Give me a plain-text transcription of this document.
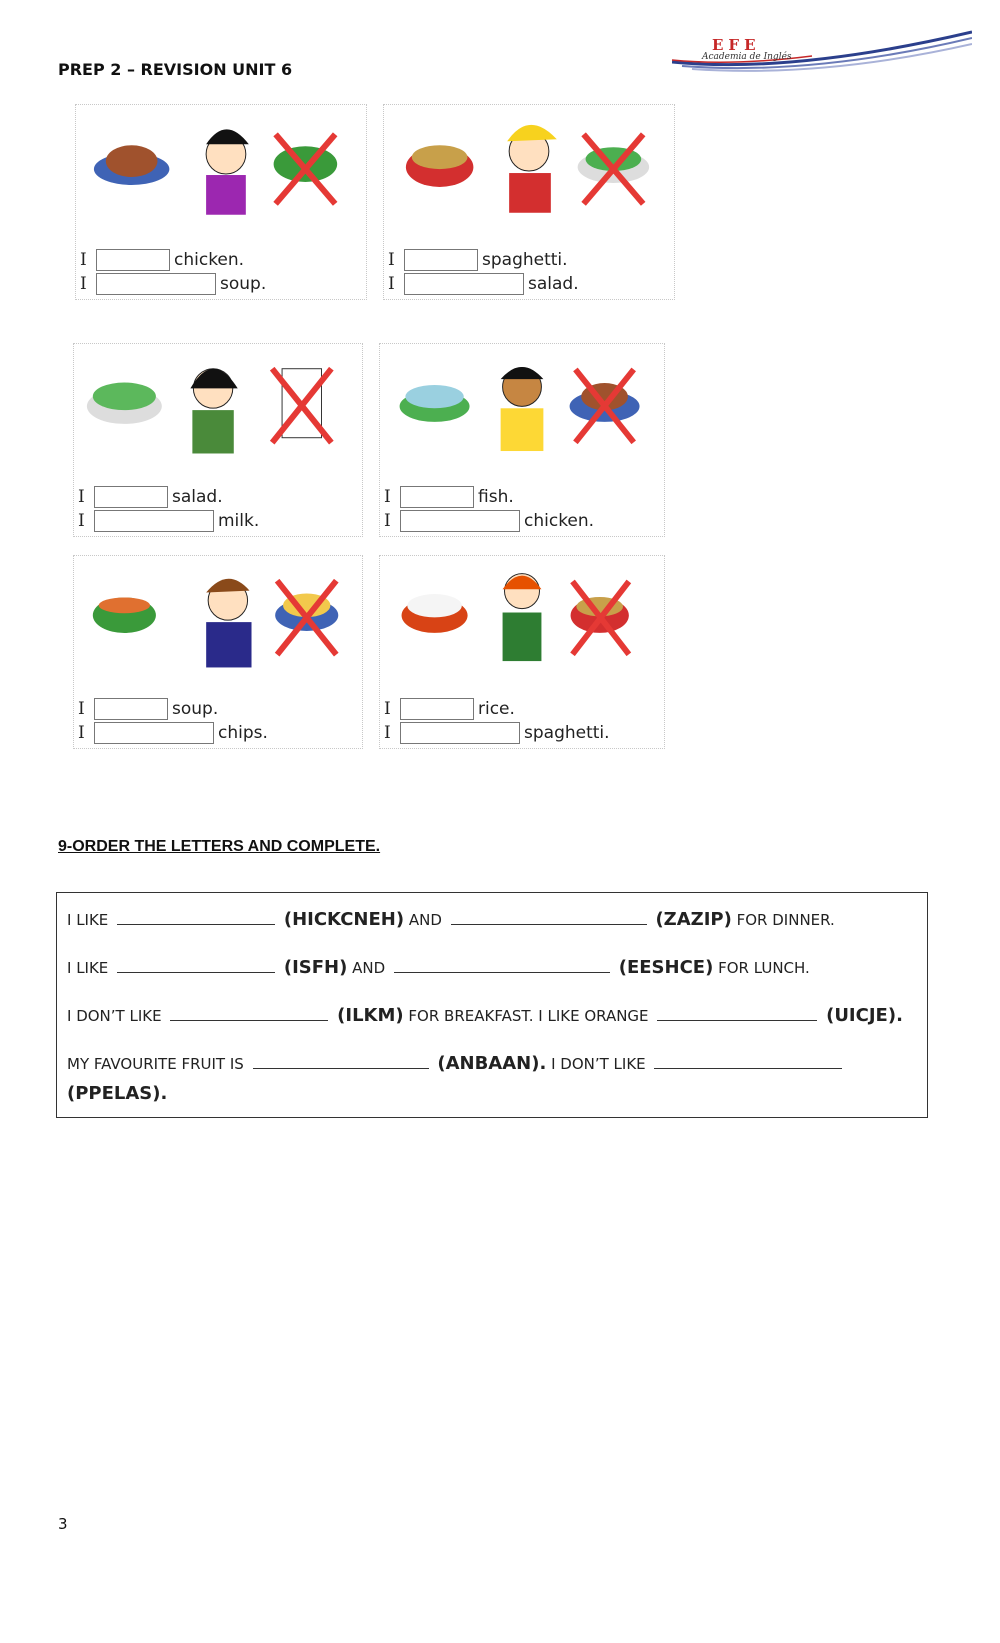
PREP 2 – REVISION UNIT 6
EFE
Academia de Inglés
I	chicken.
I	soup.
I	spaghetti.
I	salad.
I	salad.
I	milk.
I	fish.
I	chicken.
I	soup.
I	chips.
I	rice.
I	spaghetti.
9-ORDER THE LETTERS AND COMPLETE.
I LIKE	(HICKCNEH) AND	(ZAZIP) FOR DINNER.
I LIKE	(ISFH) AND	(EESHCE) FOR LUNCH.
I DON’T LIKE	(ILKM) FOR BREAKFAST. I LIKE ORANGE	(UICJE).
MY FAVOURITE FRUIT IS	(ANBAAN). I DON’T LIKE
(PPELAS).
3
